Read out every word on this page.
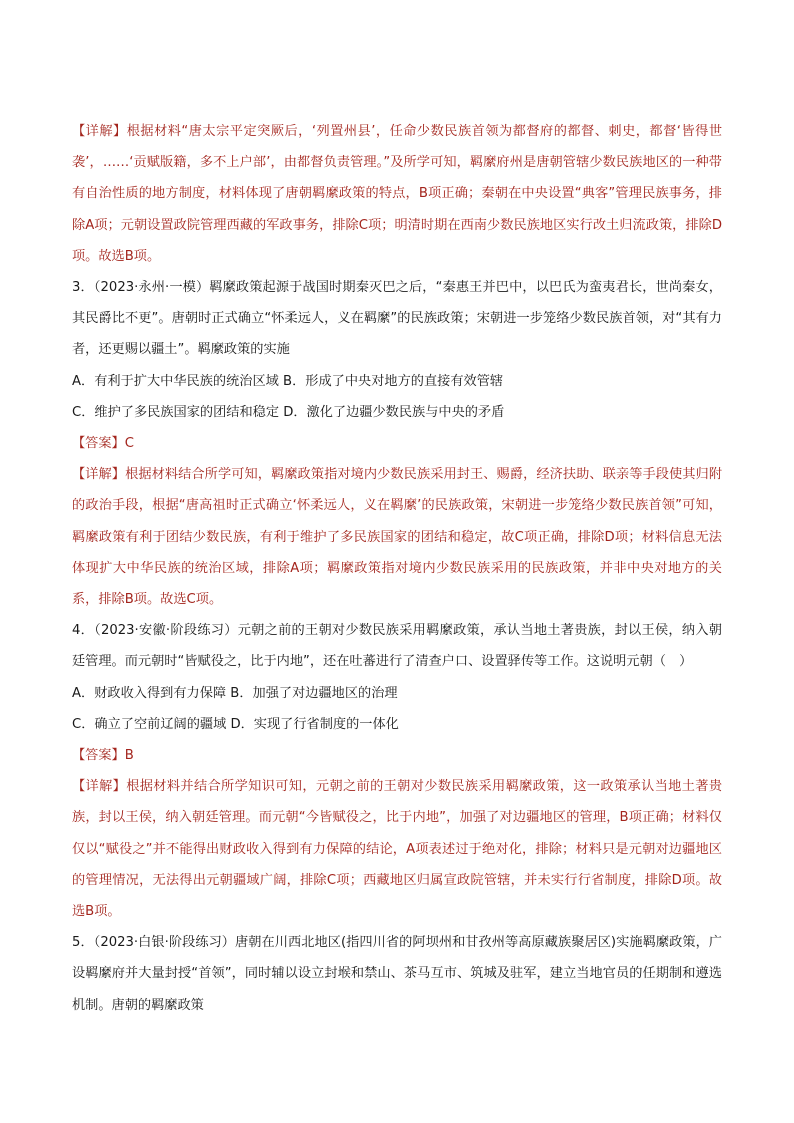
【详解】根据材料“唐太宗平定突厥后，‘列置州县’，任命少数民族首领为都督府的都督、刺史，都督‘皆得世袭’，……‘贡赋版籍，多不上户部’，由都督负责管理。”及所学可知，羁縻府州是唐朝管辖少数民族地区的一种带有自治性质的地方制度，材料体现了唐朝羁縻政策的特点，B项正确；秦朝在中央设置“典客”管理民族事务，排除A项；元朝设置政院管理西藏的军政事务，排除C项；明清时期在西南少数民族地区实行改土归流政策，排除D项。故选B项。

3．（2023·永州·一模）羁縻政策起源于战国时期秦灭巴之后，“秦惠王并巴中，以巴氏为蛮夷君长，世尚秦女，其民爵比不更”。唐朝时正式确立“怀柔远人，义在羁縻”的民族政策；宋朝进一步笼络少数民族首领，对“其有力者，还更赐以疆土”。羁縻政策的实施

A．有利于扩大中华民族的统治区域 B．形成了中央对地方的直接有效管辖

C．维护了多民族国家的团结和稳定 D．激化了边疆少数民族与中央的矛盾

【答案】C

【详解】根据材料结合所学可知，羁縻政策指对境内少数民族采用封王、赐爵，经济扶助、联亲等手段使其归附的政治手段，根据“唐高祖时正式确立‘怀柔远人，义在羁縻’的民族政策，宋朝进一步笼络少数民族首领”可知，羁縻政策有利于团结少数民族，有利于维护了多民族国家的团结和稳定，故C项正确，排除D项；材料信息无法体现扩大中华民族的统治区域，排除A项；羁縻政策指对境内少数民族采用的民族政策，并非中央对地方的关系，排除B项。故选C项。

4．（2023·安徽·阶段练习）元朝之前的王朝对少数民族采用羁縻政策，承认当地土著贵族，封以王侯，纳入朝廷管理。而元朝时“皆赋役之，比于内地”，还在吐蕃进行了清查户口、设置驿传等工作。这说明元朝（　）

A．财政收入得到有力保障 B．加强了对边疆地区的治理

C．确立了空前辽阔的疆域 D．实现了行省制度的一体化

【答案】B

【详解】根据材料并结合所学知识可知，元朝之前的王朝对少数民族采用羁縻政策，这一政策承认当地土著贵族，封以王侯，纳入朝廷管理。而元朝“今皆赋役之，比于内地”，加强了对边疆地区的管理，B项正确；材料仅仅以“赋役之”并不能得出财政收入得到有力保障的结论，A项表述过于绝对化，排除；材料只是元朝对边疆地区的管理情况，无法得出元朝疆域广阔，排除C项；西藏地区归属宣政院管辖，并未实行行省制度，排除D项。故选B项。

5．（2023·白银·阶段练习）唐朝在川西北地区(指四川省的阿坝州和甘孜州等高原藏族聚居区)实施羁縻政策，广设羁縻府并大量封授“首领”，同时辅以设立封堠和禁山、茶马互市、筑城及驻军，建立当地官员的任期制和遵选机制。唐朝的羁縻政策
